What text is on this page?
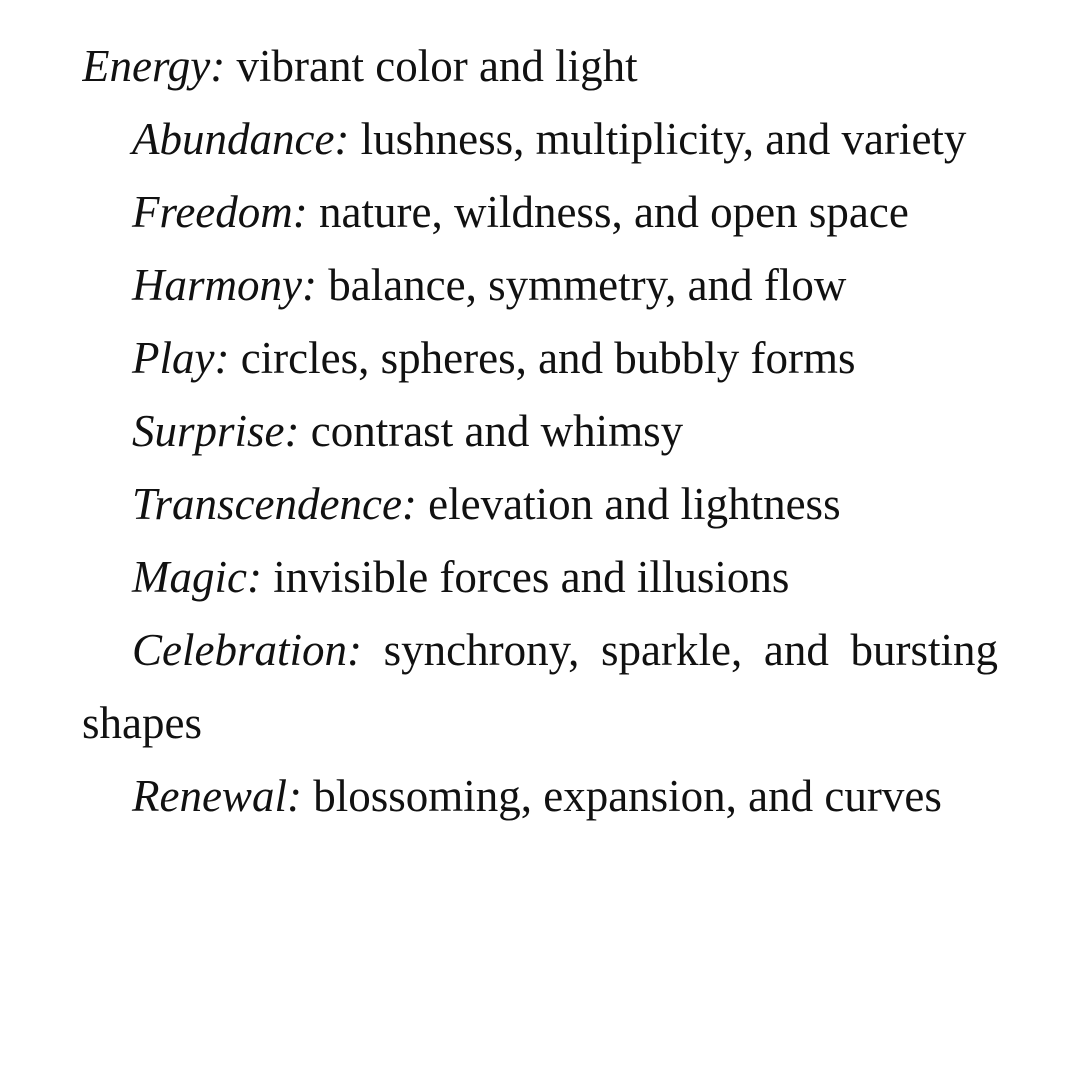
Energy: vibrant color and light

Abundance: lushness, multiplicity, and variety

Freedom: nature, wildness, and open space

Harmony: balance, symmetry, and flow

Play: circles, spheres, and bubbly forms

Surprise: contrast and whimsy

Transcendence: elevation and lightness

Magic: invisible forces and illusions

Celebration: synchrony, sparkle, and bursting shapes

Renewal: blossoming, expansion, and curves
